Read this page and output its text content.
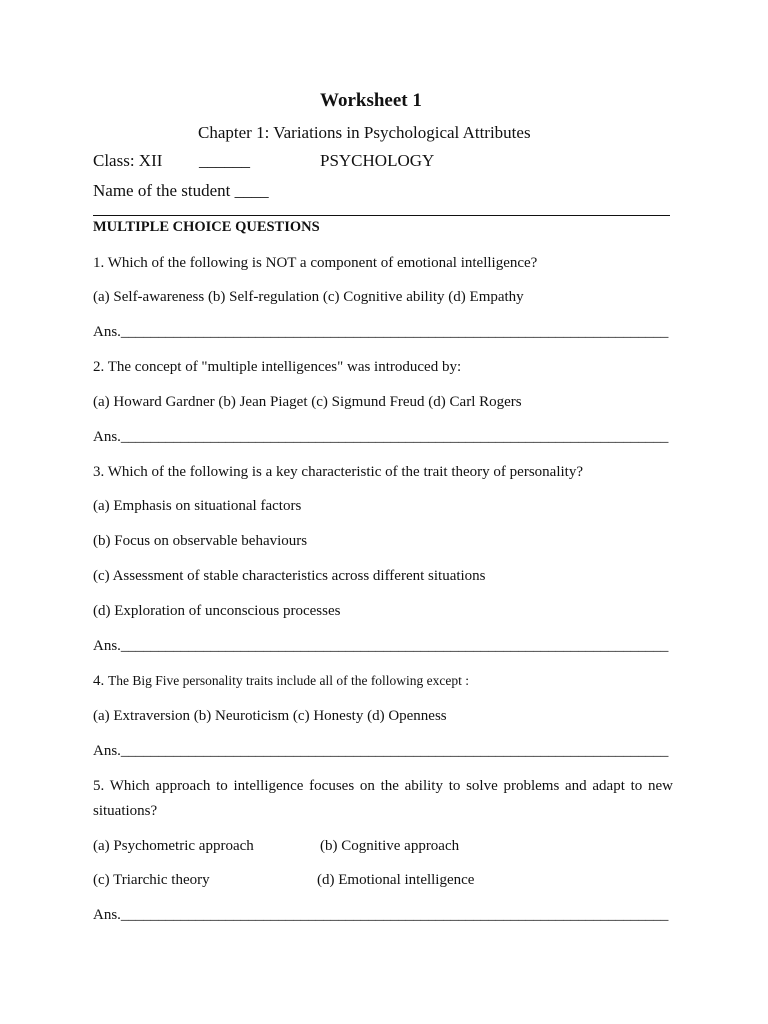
Worksheet 1
Chapter 1: Variations in Psychological Attributes
Class: XII ______	PSYCHOLOGY
Name of the student ____
MULTIPLE CHOICE QUESTIONS
1. Which of the following is NOT a component of emotional intelligence?
(a) Self-awareness (b) Self-regulation (c) Cognitive ability (d) Empathy
Ans._________________________________________________________________________
2. The concept of "multiple intelligences" was introduced by:
(a) Howard Gardner (b) Jean Piaget (c) Sigmund Freud (d) Carl Rogers
Ans._________________________________________________________________________
3. Which of the following is a key characteristic of the trait theory of personality?
(a) Emphasis on situational factors
(b) Focus on observable behaviours
(c) Assessment of stable characteristics across different situations
(d) Exploration of unconscious processes
Ans._________________________________________________________________________
4. The Big Five personality traits include all of the following except :
(a) Extraversion (b) Neuroticism (c) Honesty (d) Openness
Ans._________________________________________________________________________
5. Which approach to intelligence focuses on the ability to solve problems and adapt to new
situations?
(a) Psychometric approach	(b) Cognitive approach
(c) Triarchic theory	(d) Emotional intelligence
Ans._________________________________________________________________________
